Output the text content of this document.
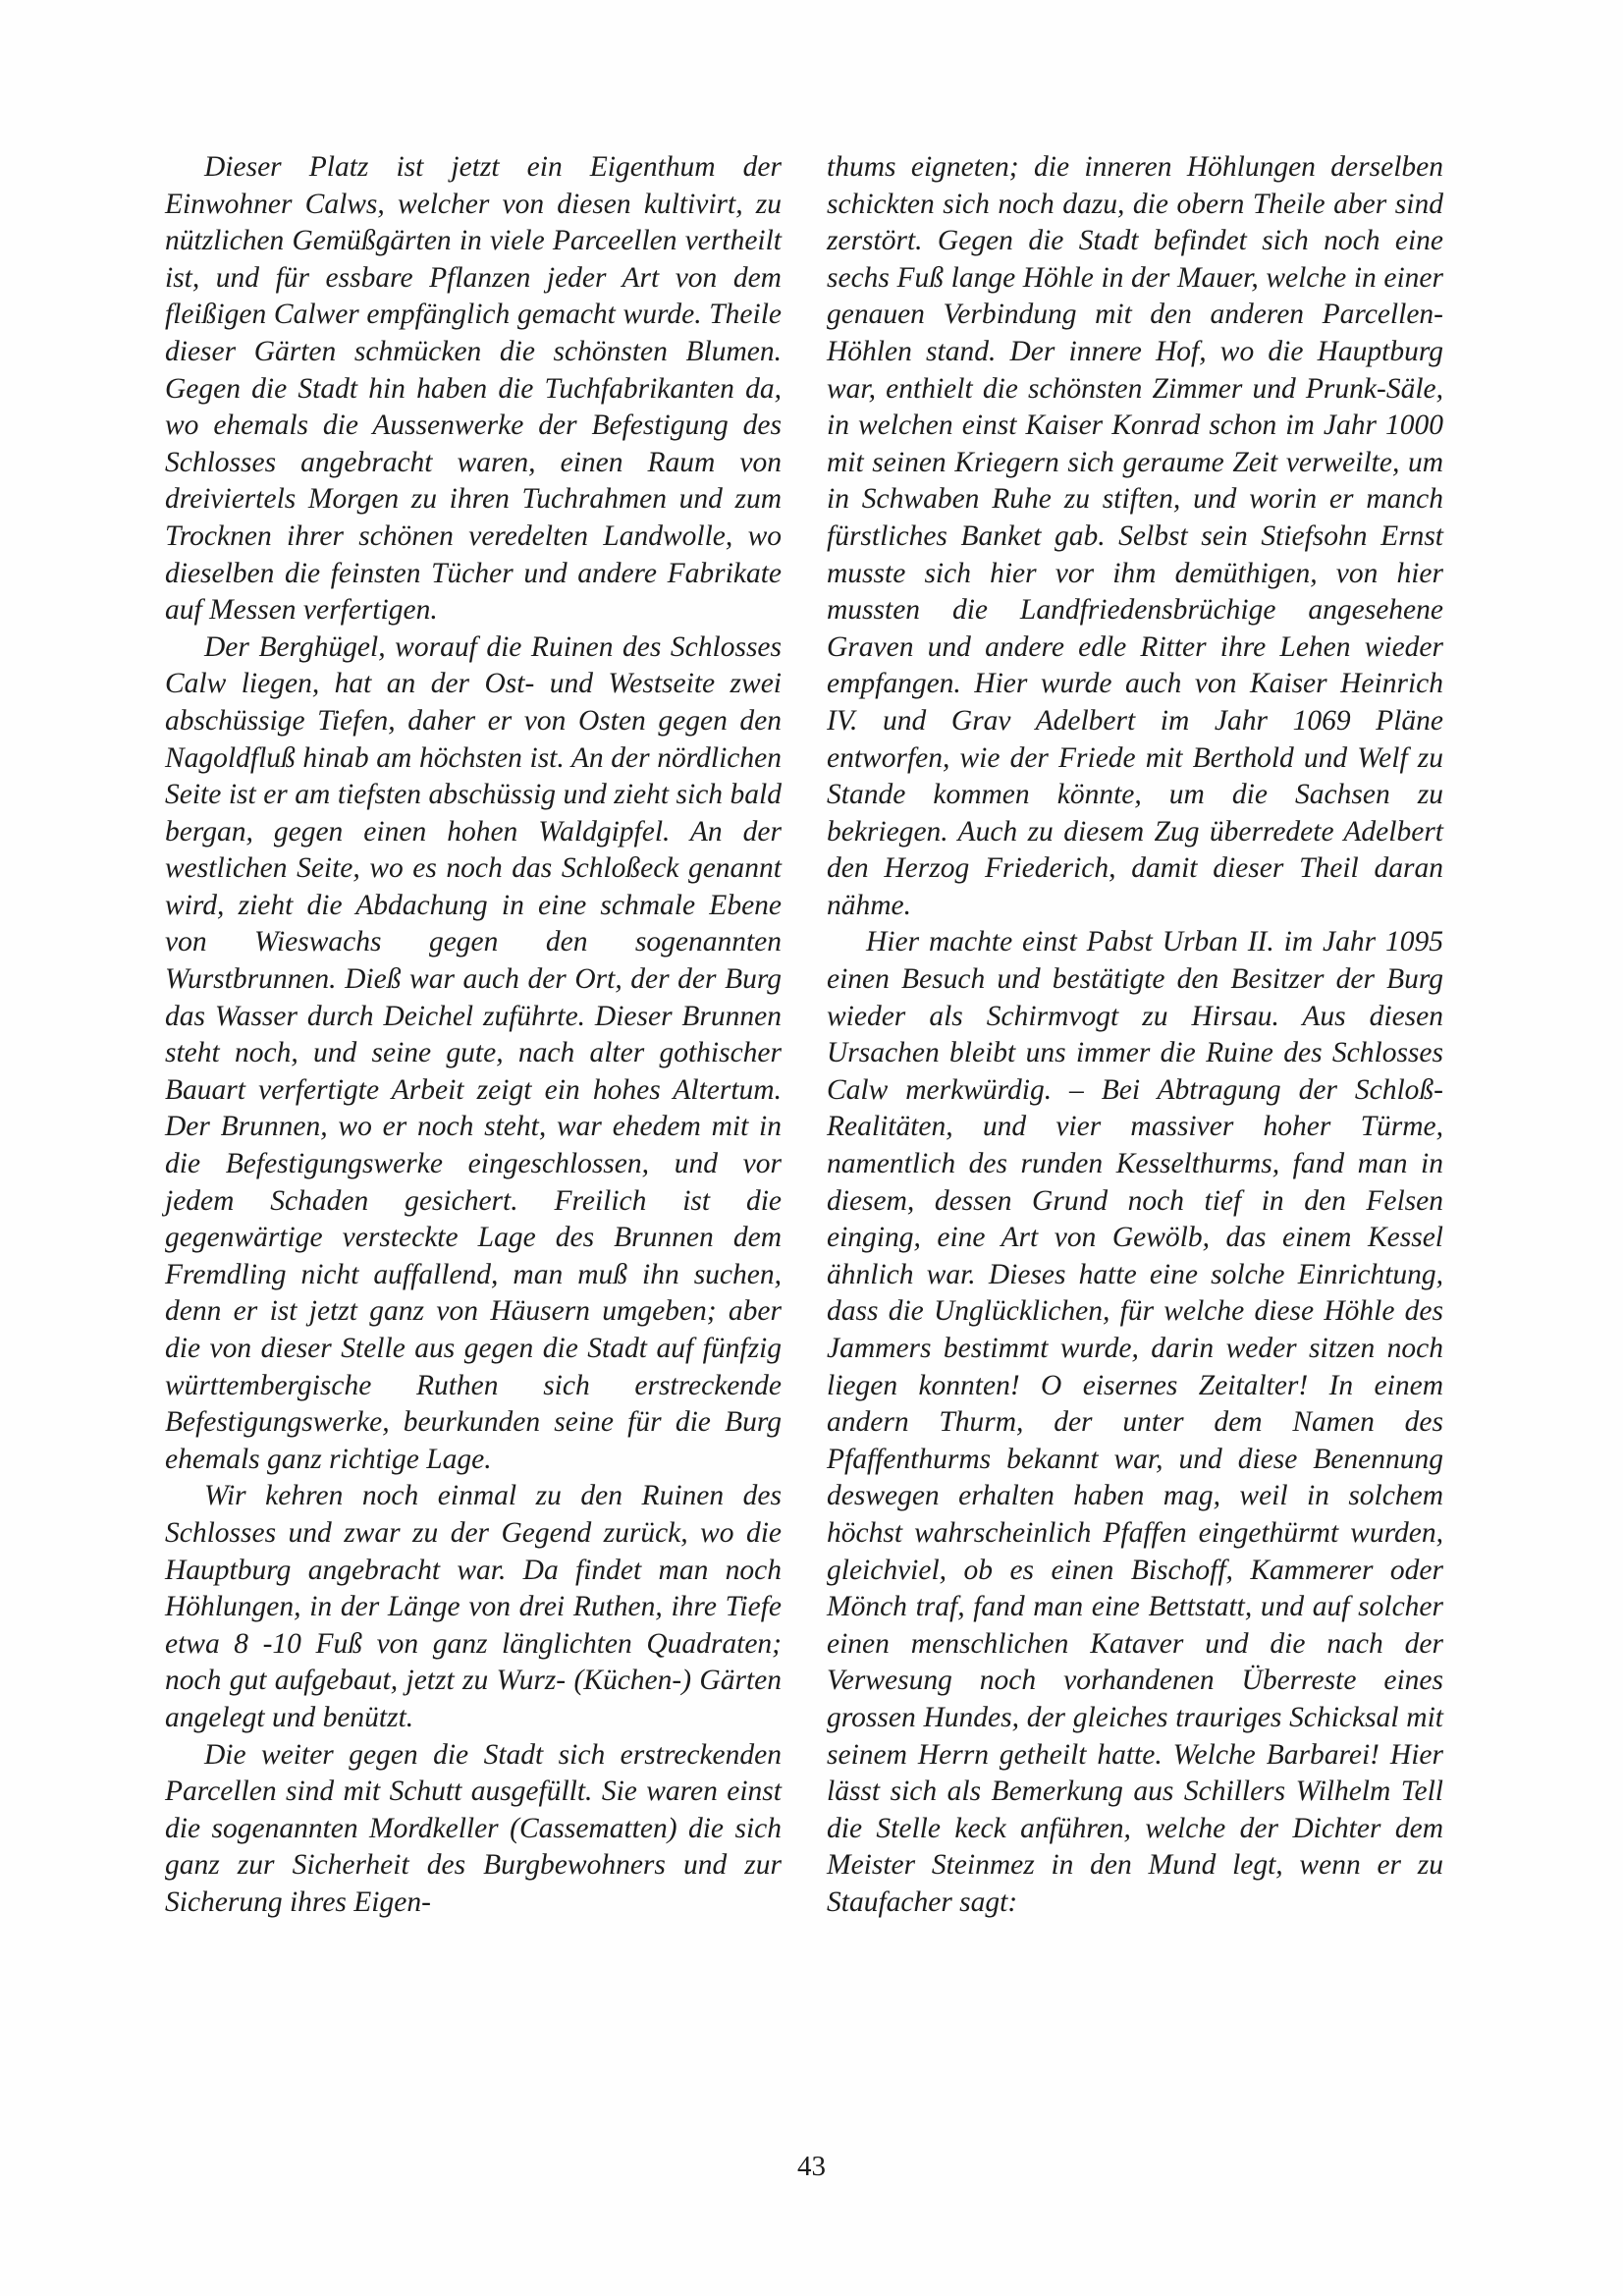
Dieser Platz ist jetzt ein Eigenthum der Einwohner Calws, welcher von diesen kultivirt, zu nützlichen Gemüßgärten in viele Parceellen vertheilt ist, und für essbare Pflanzen jeder Art von dem fleißigen Calwer empfänglich gemacht wurde. Theile dieser Gärten schmücken die schönsten Blumen. Gegen die Stadt hin haben die Tuchfabrikanten da, wo ehemals die Aussenwerke der Befestigung des Schlosses angebracht waren, einen Raum von dreiviertels Morgen zu ihren Tuchrahmen und zum Trocknen ihrer schönen veredelten Landwolle, wo dieselben die feinsten Tücher und andere Fabrikate auf Messen verfertigen.

Der Berghügel, worauf die Ruinen des Schlosses Calw liegen, hat an der Ost- und Westseite zwei abschüssige Tiefen, daher er von Osten gegen den Nagoldfluß hinab am höchsten ist. An der nördlichen Seite ist er am tiefsten abschüssig und zieht sich bald bergan, gegen einen hohen Waldgipfel. An der westlichen Seite, wo es noch das Schloßeck genannt wird, zieht die Abdachung in eine schmale Ebene von Wieswachs gegen den sogenannten Wurstbrunnen. Dieß war auch der Ort, der der Burg das Wasser durch Deichel zuführte. Dieser Brunnen steht noch, und seine gute, nach alter gothischer Bauart verfertigte Arbeit zeigt ein hohes Altertum. Der Brunnen, wo er noch steht, war ehedem mit in die Befestigungswerke eingeschlossen, und vor jedem Schaden gesichert. Freilich ist die gegenwärtige versteckte Lage des Brunnen dem Fremdling nicht auffallend, man muß ihn suchen, denn er ist jetzt ganz von Häusern umgeben; aber die von dieser Stelle aus gegen die Stadt auf fünfzig württembergische Ruthen sich erstreckende Befestigungswerke, beurkunden seine für die Burg ehemals ganz richtige Lage.

Wir kehren noch einmal zu den Ruinen des Schlosses und zwar zu der Gegend zurück, wo die Hauptburg angebracht war. Da findet man noch Höhlungen, in der Länge von drei Ruthen, ihre Tiefe etwa 8 -10 Fuß von ganz länglichten Quadraten; noch gut aufgebaut, jetzt zu Wurz- (Küchen-) Gärten angelegt und benützt.

Die weiter gegen die Stadt sich erstreckenden Parcellen sind mit Schutt ausgefüllt. Sie waren einst die sogenannten Mordkeller (Cassematten) die sich ganz zur Sicherheit des Burgbewohners und zur Sicherung ihres Eigen-

thums eigneten; die inneren Höhlungen derselben schickten sich noch dazu, die obern Theile aber sind zerstört. Gegen die Stadt befindet sich noch eine sechs Fuß lange Höhle in der Mauer, welche in einer genauen Verbindung mit den anderen Parcellen-Höhlen stand. Der innere Hof, wo die Hauptburg war, enthielt die schönsten Zimmer und Prunk-Säle, in welchen einst Kaiser Konrad schon im Jahr 1000 mit seinen Kriegern sich geraume Zeit verweilte, um in Schwaben Ruhe zu stiften, und worin er manch fürstliches Banket gab. Selbst sein Stiefsohn Ernst musste sich hier vor ihm demüthigen, von hier mussten die Landfriedensbrüchige angesehene Graven und andere edle Ritter ihre Lehen wieder empfangen. Hier wurde auch von Kaiser Heinrich IV. und Grav Adelbert im Jahr 1069 Pläne entworfen, wie der Friede mit Berthold und Welf zu Stande kommen könnte, um die Sachsen zu bekriegen. Auch zu diesem Zug überredete Adelbert den Herzog Friederich, damit dieser Theil daran nähme.

Hier machte einst Pabst Urban II. im Jahr 1095 einen Besuch und bestätigte den Besitzer der Burg wieder als Schirmvogt zu Hirsau. Aus diesen Ursachen bleibt uns immer die Ruine des Schlosses Calw merkwürdig. – Bei Abtragung der Schloß-Realitäten, und vier massiver hoher Türme, namentlich des runden Kesselthurms, fand man in diesem, dessen Grund noch tief in den Felsen einging, eine Art von Gewölb, das einem Kessel ähnlich war. Dieses hatte eine solche Einrichtung, dass die Unglücklichen, für welche diese Höhle des Jammers bestimmt wurde, darin weder sitzen noch liegen konnten! O eisernes Zeitalter! In einem andern Thurm, der unter dem Namen des Pfaffenthurms bekannt war, und diese Benennung deswegen erhalten haben mag, weil in solchem höchst wahrscheinlich Pfaffen eingethürmt wurden, gleichviel, ob es einen Bischoff, Kammerer oder Mönch traf, fand man eine Bettstatt, und auf solcher einen menschlichen Kataver und die nach der Verwesung noch vorhandenen Überreste eines grossen Hundes, der gleiches trauriges Schicksal mit seinem Herrn getheilt hatte. Welche Barbarei! Hier lässt sich als Bemerkung aus Schillers Wilhelm Tell die Stelle keck anführen, welche der Dichter dem Meister Steinmez in den Mund legt, wenn er zu Staufacher sagt:

43
